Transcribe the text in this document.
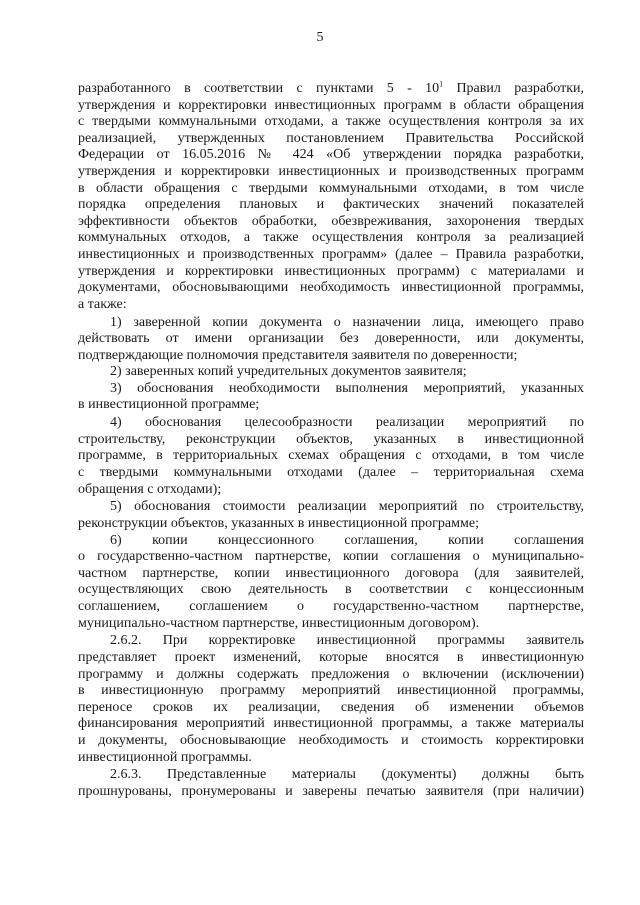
5
разработанного в соответствии с пунктами $5 - 10^1$ Правил разработки,
утверждения и корректировки инвестиционных программ в области обращения
с твердыми коммунальными отходами, а также осуществления контроля за их
реализацией, утвержденных постановлением Правительства Российской
Федерации от 16.05.2016 № 424 «Об утверждении порядка разработки,
утверждения и корректировки инвестиционных и производственных программ
в области обращения с твердыми коммунальными отходами, в том числе
порядка определения плановых и фактических значений показателей
эффективности объектов обработки, обезвреживания, захоронения твердых
коммунальных отходов, а также осуществления контроля за реализацией
инвестиционных и производственных программ» (далее – Правила разработки,
утверждения и корректировки инвестиционных программ) с материалами и
документами, обосновывающими необходимость инвестиционной программы,
а также:
1) заверенной копии документа о назначении лица, имеющего право
действовать от имени организации без доверенности, или документы,
подтверждающие полномочия представителя заявителя по доверенности;
2) заверенных копий учредительных документов заявителя;
3) обоснования необходимости выполнения мероприятий, указанных
в инвестиционной программе;
4) обоснования целесообразности реализации мероприятий по
строительству, реконструкции объектов, указанных в инвестиционной
программе, в территориальных схемах обращения с отходами, в том числе
с твердыми коммунальными отходами (далее – территориальная схема
обращения с отходами);
5) обоснования стоимости реализации мероприятий по строительству,
реконструкции объектов, указанных в инвестиционной программе;
6) копии концессионного соглашения, копии соглашения
о государственно-частном партнерстве, копии соглашения о муниципально-
частном партнерстве, копии инвестиционного договора (для заявителей,
осуществляющих свою деятельность в соответствии с концессионным
соглашением, соглашением о государственно-частном партнерстве,
муниципально-частном партнерстве, инвестиционным договором).
2.6.2. При корректировке инвестиционной программы заявитель
представляет проект изменений, которые вносятся в инвестиционную
программу и должны содержать предложения о включении (исключении)
в инвестиционную программу мероприятий инвестиционной программы,
переносе сроков их реализации, сведения об изменении объемов
финансирования мероприятий инвестиционной программы, а также материалы
и документы, обосновывающие необходимость и стоимость корректировки
инвестиционной программы.
2.6.3. Представленные материалы (документы) должны быть
прошнурованы, пронумерованы и заверены печатью заявителя (при наличии)
